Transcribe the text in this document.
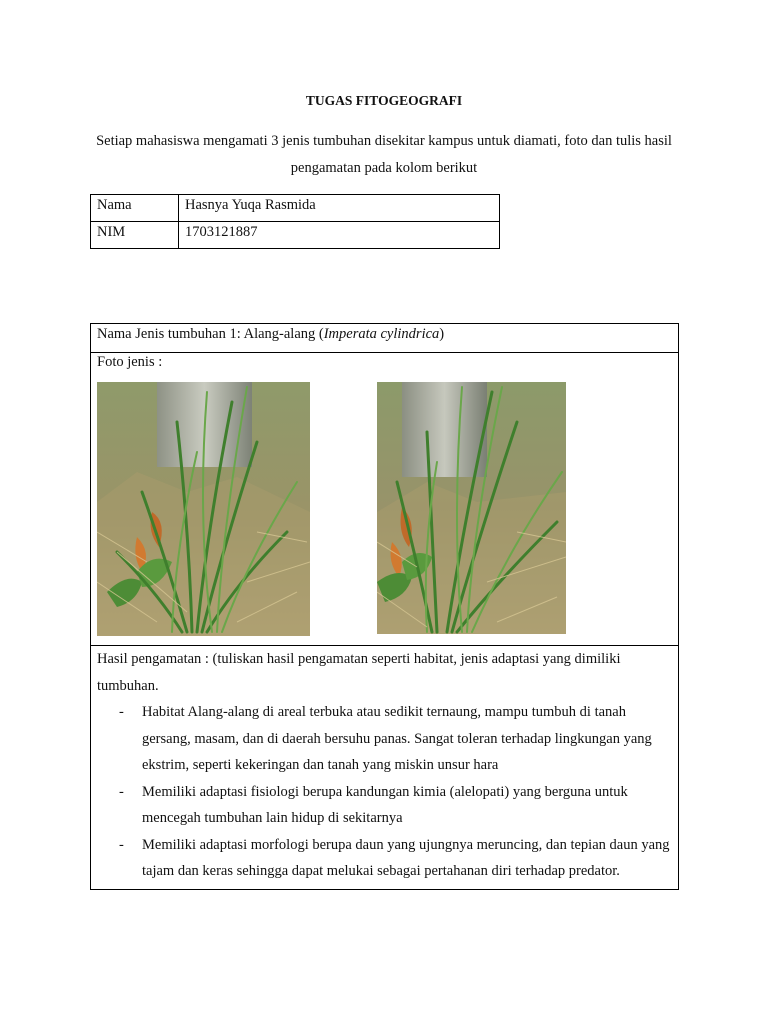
TUGAS FITOGEOGRAFI
Setiap mahasiswa mengamati 3 jenis tumbuhan disekitar kampus untuk diamati, foto dan tulis hasil pengamatan pada kolom berikut
Nama	Hasnya Yuqa Rasmida
NIM	1703121887
Nama Jenis tumbuhan 1: Alang-alang (Imperata cylindrica)

Foto jenis :

Hasil pengamatan : (tuliskan hasil pengamatan seperti habitat, jenis adaptasi yang dimiliki tumbuhan.
- Habitat Alang-alang di areal terbuka atau sedikit ternaung, mampu tumbuh di tanah gersang, masam, dan di daerah bersuhu panas. Sangat toleran terhadap lingkungan yang ekstrim, seperti kekeringan dan tanah yang miskin unsur hara
- Memiliki adaptasi fisiologi berupa kandungan kimia (alelopati) yang berguna untuk mencegah tumbuhan lain hidup di sekitarnya
- Memiliki adaptasi morfologi berupa daun yang ujungnya meruncing, dan tepian daun yang tajam dan keras sehingga dapat melukai sebagai pertahanan diri terhadap predator.
